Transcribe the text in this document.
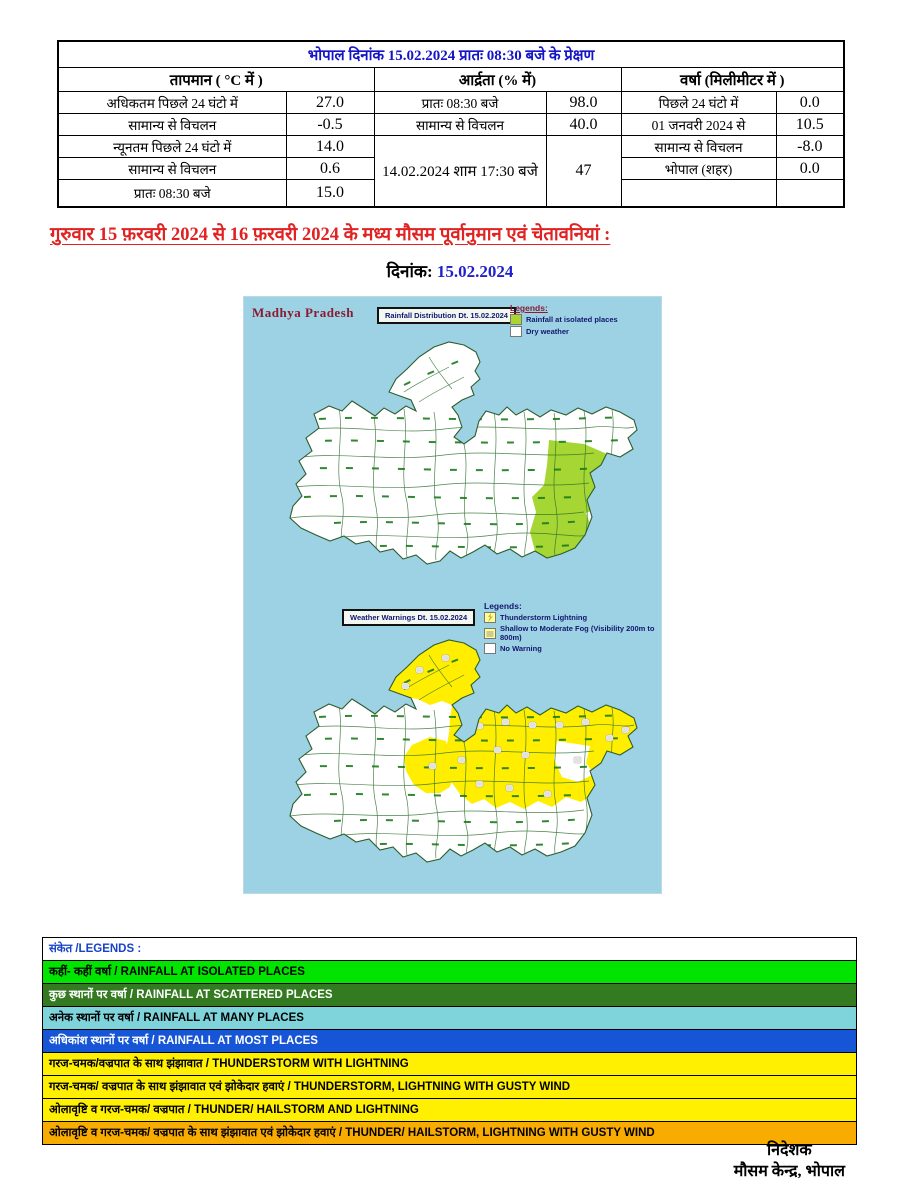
भोपाल दिनांक 15.02.2024 प्रातः 08:30 बजे के प्रेक्षण					
तापमान ( °C में )		आर्द्रता (% में)		वर्षा (मिलीमीटर में )	
अधिकतम पिछले 24 घंटो में	27.0	प्रातः 08:30 बजे	98.0	पिछले 24 घंटो में	0.0
सामान्य से विचलन	-0.5	सामान्य से विचलन	40.0	01 जनवरी 2024 से	10.5
न्यूनतम पिछले 24 घंटो में	14.0	14.02.2024 शाम 17:30 बजे	47	सामान्य से विचलन	-8.0
सामान्य से विचलन	0.6			भोपाल (शहर)	0.0
प्रातः 08:30 बजे	15.0				
गुरुवार 15 फ़रवरी 2024 से 16 फ़रवरी 2024 के मध्य मौसम पूर्वानुमान एवं चेतावनियां :
दिनांक: 15.02.2024
Madhya Pradesh	Rainfall Distribution Dt. 15.02.2024
Legends:
Rainfall at isolated places
Dry weather
Weather Warnings Dt. 15.02.2024
Legends:
Thunderstorm Lightning
Shallow to Moderate Fog (Visibility 200m to 800m)
No Warning
संकेत /LEGENDS :
कहीं- कहीं वर्षा / RAINFALL AT ISOLATED PLACES
कुछ स्थानों पर वर्षा / RAINFALL AT SCATTERED PLACES
अनेक स्थानों पर वर्षा / RAINFALL AT MANY PLACES
अधिकांश स्थानों पर वर्षा / RAINFALL AT MOST PLACES
गरज-चमक/वज्रपात के साथ झंझावात / THUNDERSTORM WITH LIGHTNING
गरज-चमक/ वज्रपात के साथ झंझावात एवं झोकेदार हवाएं / THUNDERSTORM, LIGHTNING WITH GUSTY WIND
ओलावृष्टि व गरज-चमक/ वज्रपात / THUNDER/ HAILSTORM AND LIGHTNING
ओलावृष्टि व गरज-चमक/ वज्रपात के साथ झंझावात एवं झोकेदार हवाएं / THUNDER/ HAILSTORM, LIGHTNING WITH GUSTY WIND
निदेशक
मौसम केन्द्र, भोपाल
